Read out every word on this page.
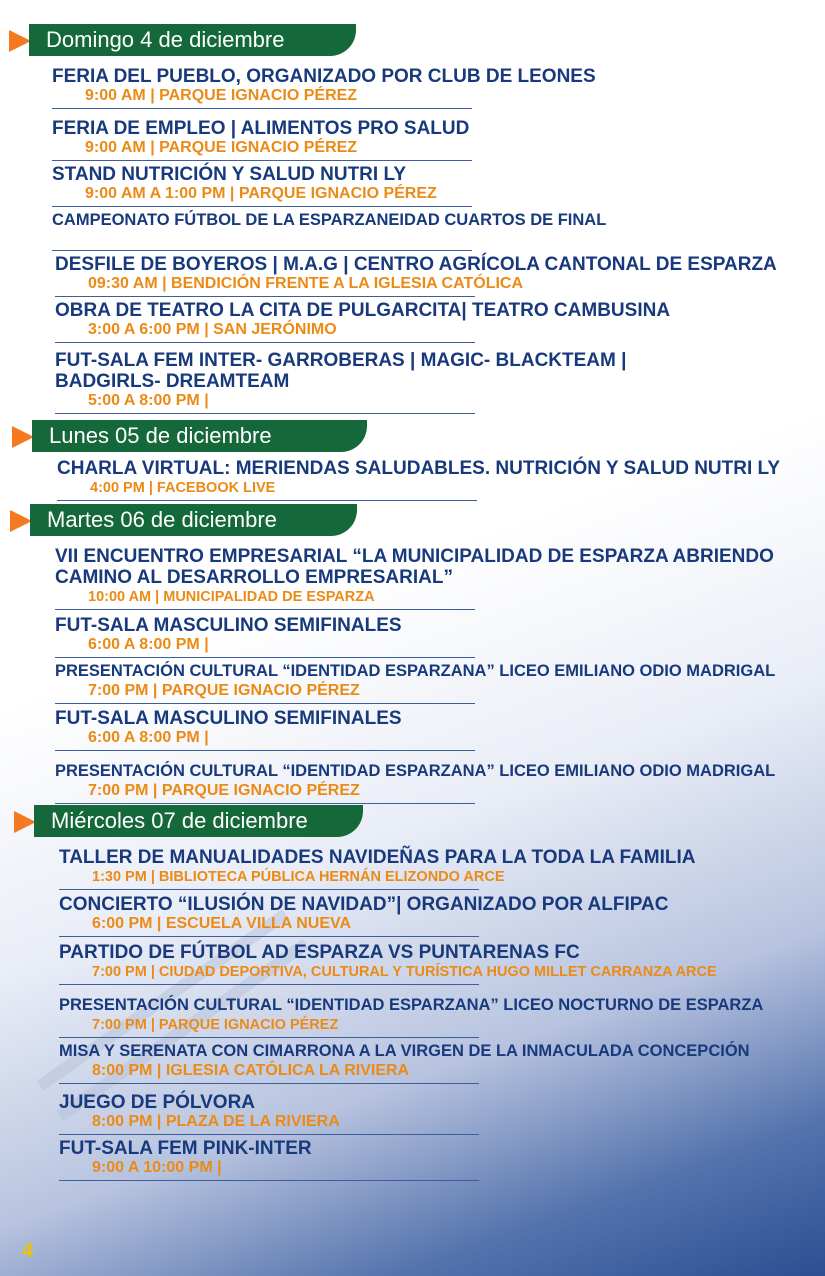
Domingo 4 de diciembre
FERIA DEL PUEBLO, ORGANIZADO POR CLUB DE LEONES
9:00 AM | PARQUE IGNACIO PÉREZ
FERIA DE EMPLEO | ALIMENTOS PRO SALUD
9:00 AM | PARQUE IGNACIO PÉREZ
STAND NUTRICIÓN Y SALUD NUTRI LY
9:00 AM A 1:00 PM | PARQUE IGNACIO PÉREZ
CAMPEONATO FÚTBOL DE LA ESPARZANEIDAD CUARTOS DE FINAL
DESFILE DE BOYEROS | M.A.G | CENTRO AGRÍCOLA CANTONAL DE ESPARZA
09:30 AM | BENDICIÓN FRENTE A LA IGLESIA CATÓLICA
OBRA DE TEATRO LA CITA DE PULGARCITA| TEATRO CAMBUSINA
3:00 A 6:00 PM | SAN JERÓNIMO
FUT-SALA FEM INTER- GARROBERAS | MAGIC- BLACKTEAM | BADGIRLS- DREAMTEAM
5:00 A 8:00 PM |
Lunes 05 de diciembre
CHARLA VIRTUAL: MERIENDAS SALUDABLES. NUTRICIÓN Y SALUD NUTRI LY
4:00 PM | FACEBOOK LIVE
Martes 06 de diciembre
VII ENCUENTRO EMPRESARIAL “LA MUNICIPALIDAD DE ESPARZA ABRIENDO CAMINO AL DESARROLLO EMPRESARIAL”
10:00 AM | MUNICIPALIDAD DE ESPARZA
FUT-SALA MASCULINO SEMIFINALES
6:00 A 8:00 PM |
PRESENTACIÓN CULTURAL “IDENTIDAD ESPARZANA” LICEO EMILIANO ODIO MADRIGAL
7:00 PM | PARQUE IGNACIO PÉREZ
FUT-SALA MASCULINO SEMIFINALES
6:00 A 8:00 PM |
PRESENTACIÓN CULTURAL “IDENTIDAD ESPARZANA” LICEO EMILIANO ODIO MADRIGAL
7:00 PM | PARQUE IGNACIO PÉREZ
Miércoles 07 de diciembre
TALLER DE MANUALIDADES NAVIDEÑAS PARA LA TODA LA FAMILIA
1:30 PM | BIBLIOTECA PÚBLICA HERNÁN ELIZONDO ARCE
CONCIERTO “ILUSIÓN DE NAVIDAD”| ORGANIZADO POR ALFIPAC
6:00 PM | ESCUELA VILLA NUEVA
PARTIDO DE FÚTBOL AD ESPARZA VS PUNTARENAS FC
7:00 PM | CIUDAD DEPORTIVA, CULTURAL Y TURÍSTICA HUGO MILLET CARRANZA ARCE
PRESENTACIÓN CULTURAL “IDENTIDAD ESPARZANA” LICEO NOCTURNO DE ESPARZA
7:00 PM | PARQUE IGNACIO PÉREZ
MISA Y SERENATA CON CIMARRONA A LA VIRGEN DE LA INMACULADA CONCEPCIÓN
8:00 PM | IGLESIA CATÓLICA LA RIVIERA
JUEGO DE PÓLVORA
8:00 PM | PLAZA DE LA RIVIERA
FUT-SALA FEM PINK-INTER
9:00 A 10:00 PM |
4
